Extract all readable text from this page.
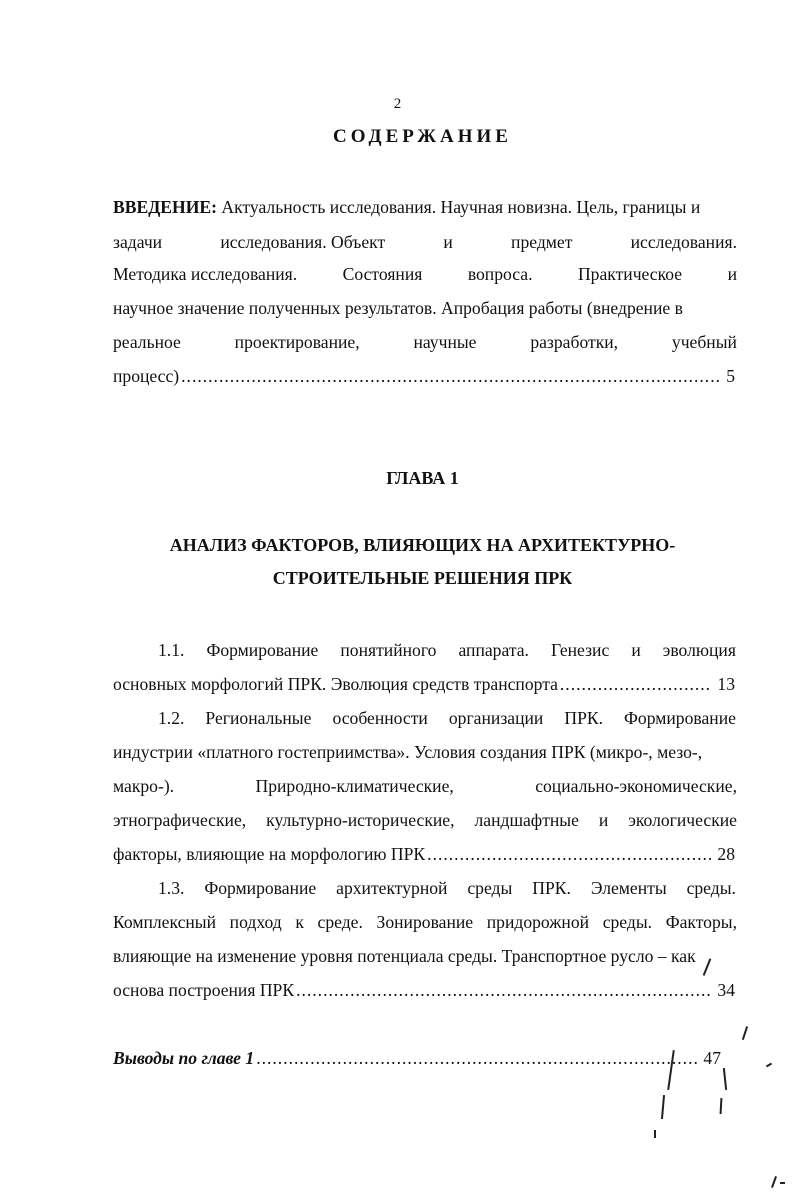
2
СОДЕРЖАНИЕ
ВВЕДЕНИЕ: Актуальность исследования. Научная новизна. Цель, границы и
задачи	исследования. Объект	и	предмет	исследования.
Методика исследования.	Состояния	вопроса.	Практическое	и
научное значение полученных результатов. Апробация работы (внедрение в
реальное	проектирование,	научные	разработки,	учебный
процесс) .....	5
ГЛАВА 1
АНАЛИЗ ФАКТОРОВ, ВЛИЯЮЩИХ НА АРХИТЕКТУРНО-
СТРОИТЕЛЬНЫЕ РЕШЕНИЯ ПРК
1.1. Формирование понятийного аппарата. Генезис и эволюция
основных морфологий ПРК. Эволюция средств транспорта .....	13
1.2. Региональные особенности организации ПРК. Формирование
индустрии «платного гостеприимства». Условия создания ПРК (микро-, мезо-,
макро-).	Природно-климатические,	социально-экономические,
этнографические, культурно-исторические, ландшафтные и экологические
факторы, влияющие на морфологию ПРК .....	28
1.3. Формирование архитектурной среды ПРК. Элементы среды.
Комплексный подход к среде. Зонирование придорожной среды. Факторы,
влияющие на изменение уровня потенциала среды. Транспортное русло – как
основа построения ПРК .....	34
Выводы по главе 1 .....	47
